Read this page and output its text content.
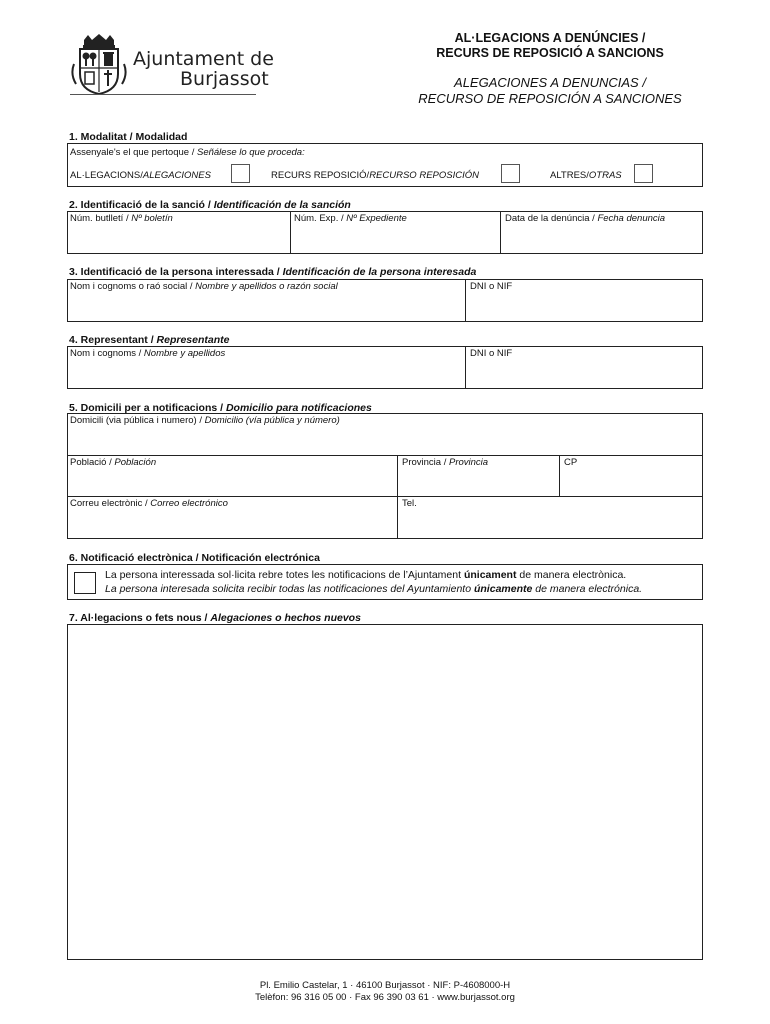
Ajuntament de
Burjassot
AL·LEGACIONS A DENÚNCIES /
RECURS DE REPOSICIÓ A SANCIONS
ALEGACIONES A DENUNCIAS /
RECURSO DE REPOSICIÓN A SANCIONES
1. Modalitat / Modalidad
Assenyale's el que pertoque / Señálese lo que proceda:
AL·LEGACIONS/ALEGACIONES	RECURS REPOSICIÓ/RECURSO REPOSICIÓN	ALTRES/OTRAS
2. Identificació de la sanció / Identificación de la sanción
Núm. butlletí / Nº boletín	Núm. Exp. / Nº Expediente	Data de la denúncia / Fecha denuncia
3. Identificació de la persona interessada / Identificación de la persona interesada
Nom i cognoms o raó social / Nombre y apellidos o razón social	DNI o NIF
4. Representant / Representante
Nom i cognoms / Nombre y apellidos	DNI o NIF
5. Domicili per a notificacions / Domicilio para notificaciones
Domicili (via pública i numero) / Domicilio (vía pública y número)
Població / Población	Provincia / Provincia	CP
Correu electrònic / Correo electrónico	Tel.
6. Notificació electrònica / Notificación electrónica
La persona interessada sol·licita rebre totes les notificacions de l’Ajuntament únicament de manera electrònica.
La persona interesada solicita recibir todas las notificaciones del Ayuntamiento únicamente de manera electrónica.
7. Al·legacions o fets nous / Alegaciones o hechos nuevos
Pl. Emilio Castelar, 1 · 46100 Burjassot · NIF: P-4608000-H
Telèfon: 96 316 05 00 · Fax 96 390 03 61 · www.burjassot.org
